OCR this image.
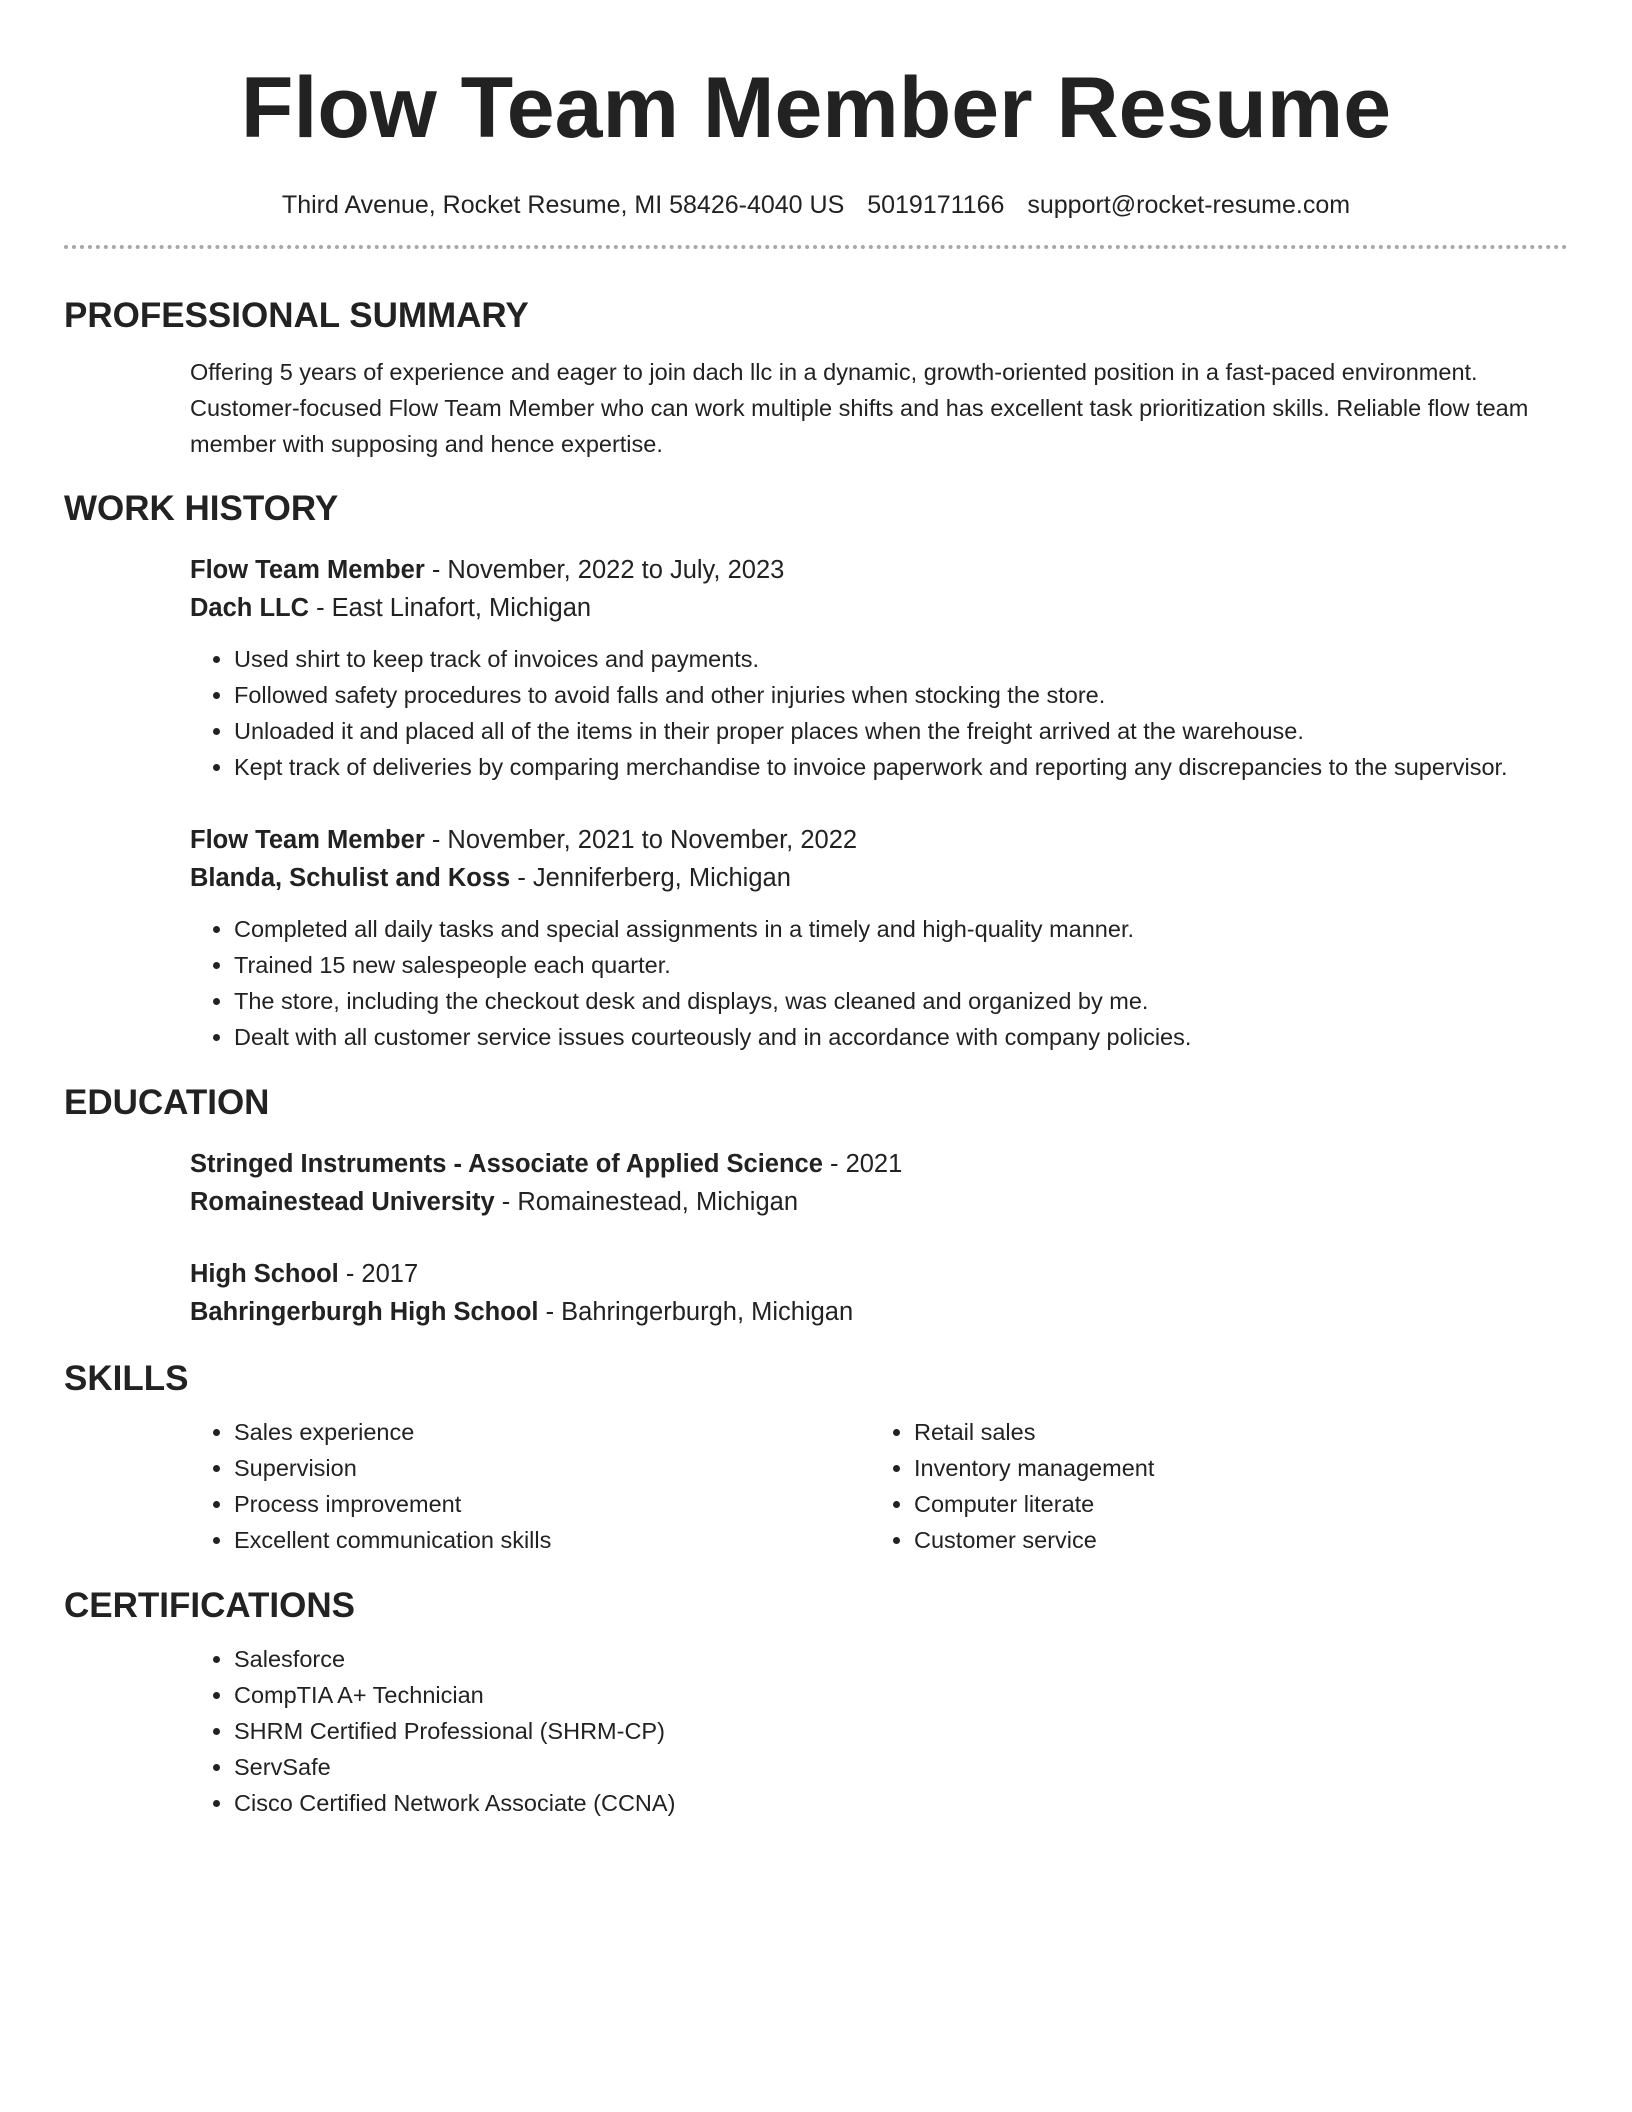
Flow Team Member Resume
Third Avenue, Rocket Resume, MI 58426-4040 US 5019171166 support@rocket-resume.com
PROFESSIONAL SUMMARY
Offering 5 years of experience and eager to join dach llc in a dynamic, growth-oriented position in a fast-paced environment. Customer-focused Flow Team Member who can work multiple shifts and has excellent task prioritization skills. Reliable flow team member with supposing and hence expertise.
WORK HISTORY
Flow Team Member - November, 2022 to July, 2023
Dach LLC - East Linafort, Michigan
• Used shirt to keep track of invoices and payments.
• Followed safety procedures to avoid falls and other injuries when stocking the store.
• Unloaded it and placed all of the items in their proper places when the freight arrived at the warehouse.
• Kept track of deliveries by comparing merchandise to invoice paperwork and reporting any discrepancies to the supervisor.
Flow Team Member - November, 2021 to November, 2022
Blanda, Schulist and Koss - Jenniferberg, Michigan
• Completed all daily tasks and special assignments in a timely and high-quality manner.
• Trained 15 new salespeople each quarter.
• The store, including the checkout desk and displays, was cleaned and organized by me.
• Dealt with all customer service issues courteously and in accordance with company policies.
EDUCATION
Stringed Instruments - Associate of Applied Science - 2021
Romainestead University - Romainestead, Michigan
High School - 2017
Bahringerburgh High School - Bahringerburgh, Michigan
SKILLS
• Sales experience
• Supervision
• Process improvement
• Excellent communication skills
• Retail sales
• Inventory management
• Computer literate
• Customer service
CERTIFICATIONS
• Salesforce
• CompTIA A+ Technician
• SHRM Certified Professional (SHRM-CP)
• ServSafe
• Cisco Certified Network Associate (CCNA)
